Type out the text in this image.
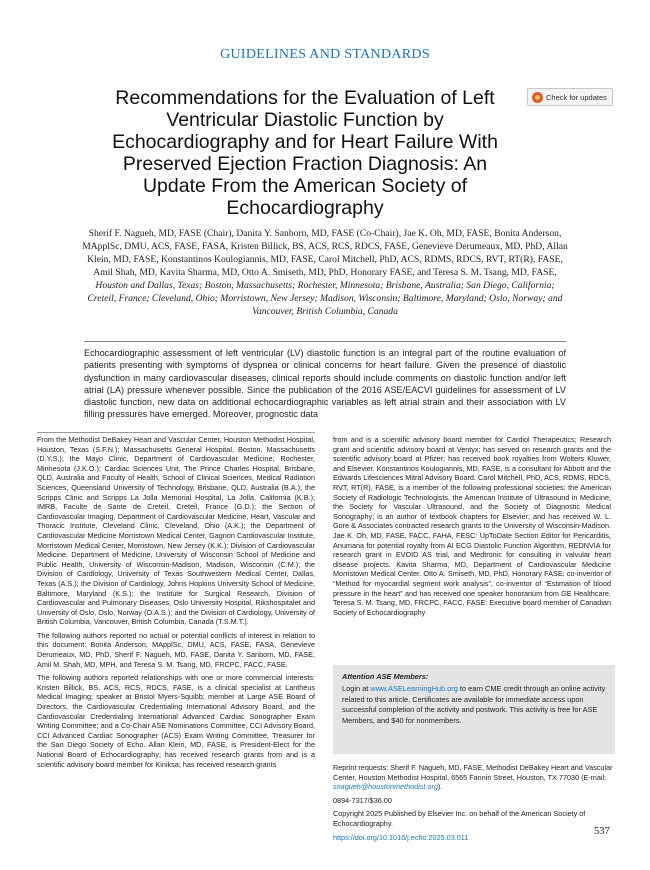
GUIDELINES AND STANDARDS
Check for updates
Recommendations for the Evaluation of Left Ventricular Diastolic Function by Echocardiography and for Heart Failure With Preserved Ejection Fraction Diagnosis: An Update From the American Society of Echocardiography
Sherif F. Nagueh, MD, FASE (Chair), Danita Y. Sanborn, MD, FASE (Co-Chair), Jae K. Oh, MD, FASE, Bonita Anderson, MApplSc, DMU, ACS, FASE, FASA, Kristen Billick, BS, ACS, RCS, RDCS, FASE, Genevieve Derumeaux, MD, PhD, Allan Klein, MD, FASE, Konstantinos Koulogiannis, MD, FASE, Carol Mitchell, PhD, ACS, RDMS, RDCS, RVT, RT(R), FASE, Amil Shah, MD, Kavita Sharma, MD, Otto A. Smiseth, MD, PhD, Honorary FASE, and Teresa S. M. Tsang, MD, FASE, Houston and Dallas, Texas; Boston, Massachusetts; Rochester, Minnesota; Brisbane, Australia; San Diego, California; Creteil, France; Cleveland, Ohio; Morristown, New Jersey; Madison, Wisconsin; Baltimore, Maryland; Oslo, Norway; and Vancouver, British Columbia, Canada
Echocardiographic assessment of left ventricular (LV) diastolic function is an integral part of the routine evaluation of patients presenting with symptoms of dyspnea or clinical concerns for heart failure. Given the presence of diastolic dysfunction in many cardiovascular diseases, clinical reports should include comments on diastolic function and/or left atrial (LA) pressure whenever possible. Since the publication of the 2016 ASE/EACVI guidelines for assessment of LV diastolic function, new data on additional echocardiographic variables as left atrial strain and their association with LV filling pressures have emerged. Moreover, prognostic data

From the Methodist DeBakey Heart and Vascular Center, Houston Methodist Hospital, Houston, Texas (S.F.N.); Massachusetts General Hospital, Boston, Massachusetts (D.Y.S.); the Mayo Clinic, Department of Cardiovascular Medicine, Rochester, Minnesota (J.K.O.); Cardiac Sciences Unit, The Prince Charles Hospital, Brisbane, QLD, Australia and Faculty of Health, School of Clinical Sciences, Medical Radiation Sciences, Queensland University of Technology, Brisbane, QLD, Australia (B.A.); the Scripps Clinic and Scripps La Jolla Memorial Hospital, La Jolla, California (K.B.); IMRB, Faculte de Sante de Creteil, Creteil, France (G.D.); the Section of Cardiovascular Imaging, Department of Cardiovascular Medicine, Heart, Vascular and Thoracic Institute, Cleveland Clinic, Cleveland, Ohio (A.K.); the Department of Cardiovascular Medicine Morristown Medical Center, Gagnon Cardiovascular Institute, Morristown Medical Center, Morristown, New Jersey (K.K.); Division of Cardiovascular Medicine, Department of Medicine, University of Wisconsin School of Medicine and Public Health, University of Wisconsin-Madison, Madison, Wisconsin (C.M.); the Division of Cardiology, University of Texas Southwestern Medical Center, Dallas, Texas (A.S.); the Division of Cardiology, Johns Hopkins University School of Medicine, Baltimore, Maryland (K.S.); the Institute for Surgical Research, Division of Cardiovascular and Pulmonary Diseases, Oslo University Hospital, Rikshospitalet and University of Oslo, Oslo, Norway (O.A.S.); and the Division of Cardiology, University of British Columbia, Vancouver, British Columbia, Canada (T.S.M.T.).

The following authors reported no actual or potential conflicts of interest in relation to this document: Bonita Anderson, MApplSc, DMU, ACS, FASE, FASA, Genevieve Derumeaux, MD, PhD, Sherif F. Nagueh, MD, FASE, Danita Y. Sanborn, MD, FASE, Amil M. Shah, MD, MPH, and Teresa S. M. Tsang, MD, FRCPC, FACC, FASE.

The following authors reported relationships with one or more commercial interests: Kristen Billick, BS, ACS, RCS, RDCS, FASE, is a clinical specialist at Lantheus Medical Imaging; speaker at Bristol Myers-Squibb; member at Large ASE Board of Directors, the Cardiovascular Credentialing International Advisory Board, and the Cardiovascular Credentialing International Advanced Cardiac Sonographer Exam Writing Committee; and a Co-Chair ASE Nominations Committee, CCI Advisory Board, CCI Advanced Cardiac Sonographer (ACS) Exam Writing Committee, Treasurer for the San Diego Society of Echo. Allan Klein, MD, FASE, is President-Elect for the National Board of Echocardiography; has received research grants from and is a scientific advisory board member for Kiniksa; has received research grants

from and is a scientific advisory board member for Cardiol Therapeutics; Research grant and scientific advisory board at Ventyx; has served on research grants and the scientific advisory board at Pfizer; has received book royalties from Wolters Kluwer, and Elsevier. Konstantinos Koulogiannis, MD, FASE, is a consultant for Abbott and the Edwards Lifesciences Mitral Advisory Board. Carol Mitchell, PhD, ACS, RDMS, RDCS, RVT, RT(R), FASE, is a member of the following professional societies: the American Society of Radiologic Technologists, the American Institute of Ultrasound in Medicine, the Society for Vascular Ultrasound, and the Society of Diagnostic Medical Sonography; is an author of textbook chapters for Elsevier; and has received W. L. Gore & Associates contracted research grants to the University of Wisconsin-Madison. Jae K. Oh, MD, FASE, FACC, FAHA, FESC: UpToDate Section Editor for Pericarditis, Anumana for potential royalty from AI ECG Diastolic Function Algorithm, REDNVIA for research grant in EVOID AS trial, and Medtronic for consulting in valvular heart disease projects. Kavita Sharma, MD, Department of Cardiovascular Medicine Morristown Medical Center. Otto A. Smiseth, MD, PhD, Honorary FASE: co-inventor of “Method for myocardial segment work analysis”, co-inventor of “Estimation of blood pressure in the heart” and has received one speaker honorarium from GE Healthcare. Teresa S. M. Tsang, MD, FRCPC, FACC, FASE: Executive board member of Canadian Society of Echocardiography

Attention ASE Members:
Login at www.ASELearningHub.org to earn CME credit through an online activity related to this article. Certificates are available for immediate access upon successful completion of the activity and postwork. This activity is free for ASE Members, and $40 for nonmembers.

Reprint requests: Sherif F. Nagueh, MD, FASE, Methodist DeBakey Heart and Vascular Center, Houston Methodist Hospital, 6565 Fannin Street, Houston, TX 77030 (E-mail: snagueh@houstonmethodist.org).

0894-7317/$36.00

Copyright 2025 Published by Elsevier Inc. on behalf of the American Society of Echocardiography.

https://doi.org/10.1016/j.echo.2025.03.011

537
